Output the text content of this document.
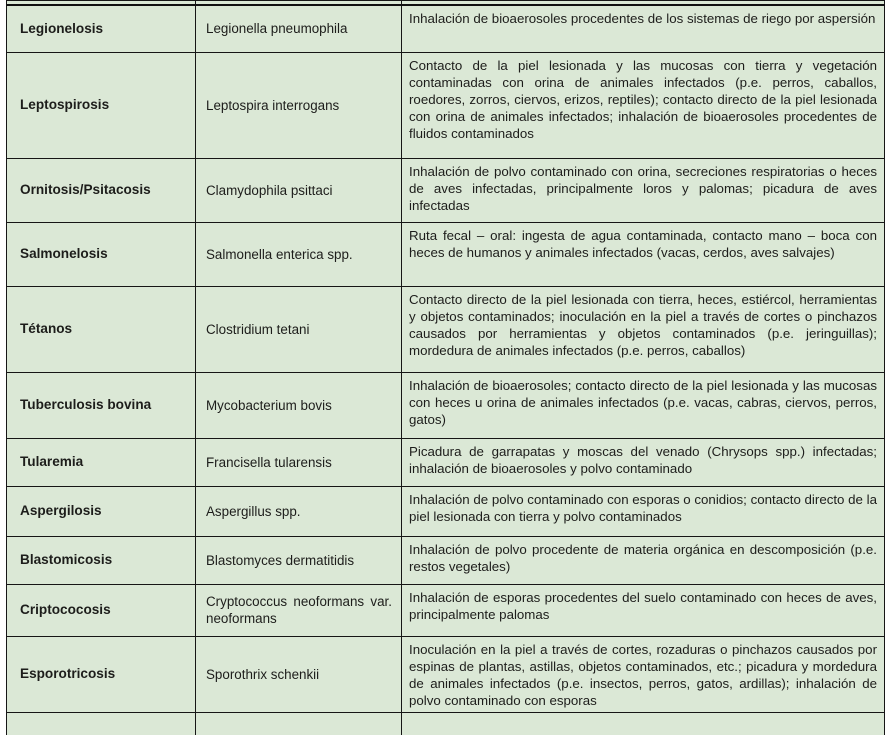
Legionelosis	Legionella pneumophila	Inhalación de bioaerosoles procedentes de los sistemas de riego por aspersión
Leptospirosis	Leptospira interrogans	Contacto de la piel lesionada y las mucosas con tierra y vegetación contaminadas con orina de animales infectados (p.e. perros, caballos, roedores, zorros, ciervos, erizos, reptiles); contacto directo de la piel lesionada con orina de animales infectados; inhalación de bioaerosoles procedentes de fluidos contaminados
Ornitosis/Psitacosis	Clamydophila psittaci	Inhalación de polvo contaminado con orina, secreciones respiratorias o heces de aves infectadas, principalmente loros y palomas; picadura de aves infectadas
Salmonelosis	Salmonella enterica spp.	Ruta fecal – oral: ingesta de agua contaminada, contacto mano – boca con heces de humanos y animales infectados (vacas, cerdos, aves salvajes)
Tétanos	Clostridium tetani	Contacto directo de la piel lesionada con tierra, heces, estiércol, herramientas y objetos contaminados; inoculación en la piel a través de cortes o pinchazos causados por herramientas y objetos contaminados (p.e. jeringuillas); mordedura de animales infectados (p.e. perros, caballos)
Tuberculosis bovina	Mycobacterium bovis	Inhalación de bioaerosoles; contacto directo de la piel lesionada y las mucosas con heces u orina de animales infectados (p.e. vacas, cabras, ciervos, perros, gatos)
Tularemia	Francisella tularensis	Picadura de garrapatas y moscas del venado (Chrysops spp.) infectadas; inhalación de bioaerosoles y polvo contaminado
Aspergilosis	Aspergillus spp.	Inhalación de polvo contaminado con esporas o conidios; contacto directo de la piel lesionada con tierra y polvo contaminados
Blastomicosis	Blastomyces dermatitidis	Inhalación de polvo procedente de materia orgánica en descomposición (p.e. restos vegetales)
Criptococosis	Cryptococcus neoformans var. neoformans	Inhalación de esporas procedentes del suelo contaminado con heces de aves, principalmente palomas
Esporotricosis	Sporothrix schenkii	Inoculación en la piel a través de cortes, rozaduras o pinchazos causados por espinas de plantas, astillas, objetos contaminados, etc.; picadura y mordedura de animales infectados (p.e. insectos, perros, gatos, ardillas); inhalación de polvo contaminado con esporas
